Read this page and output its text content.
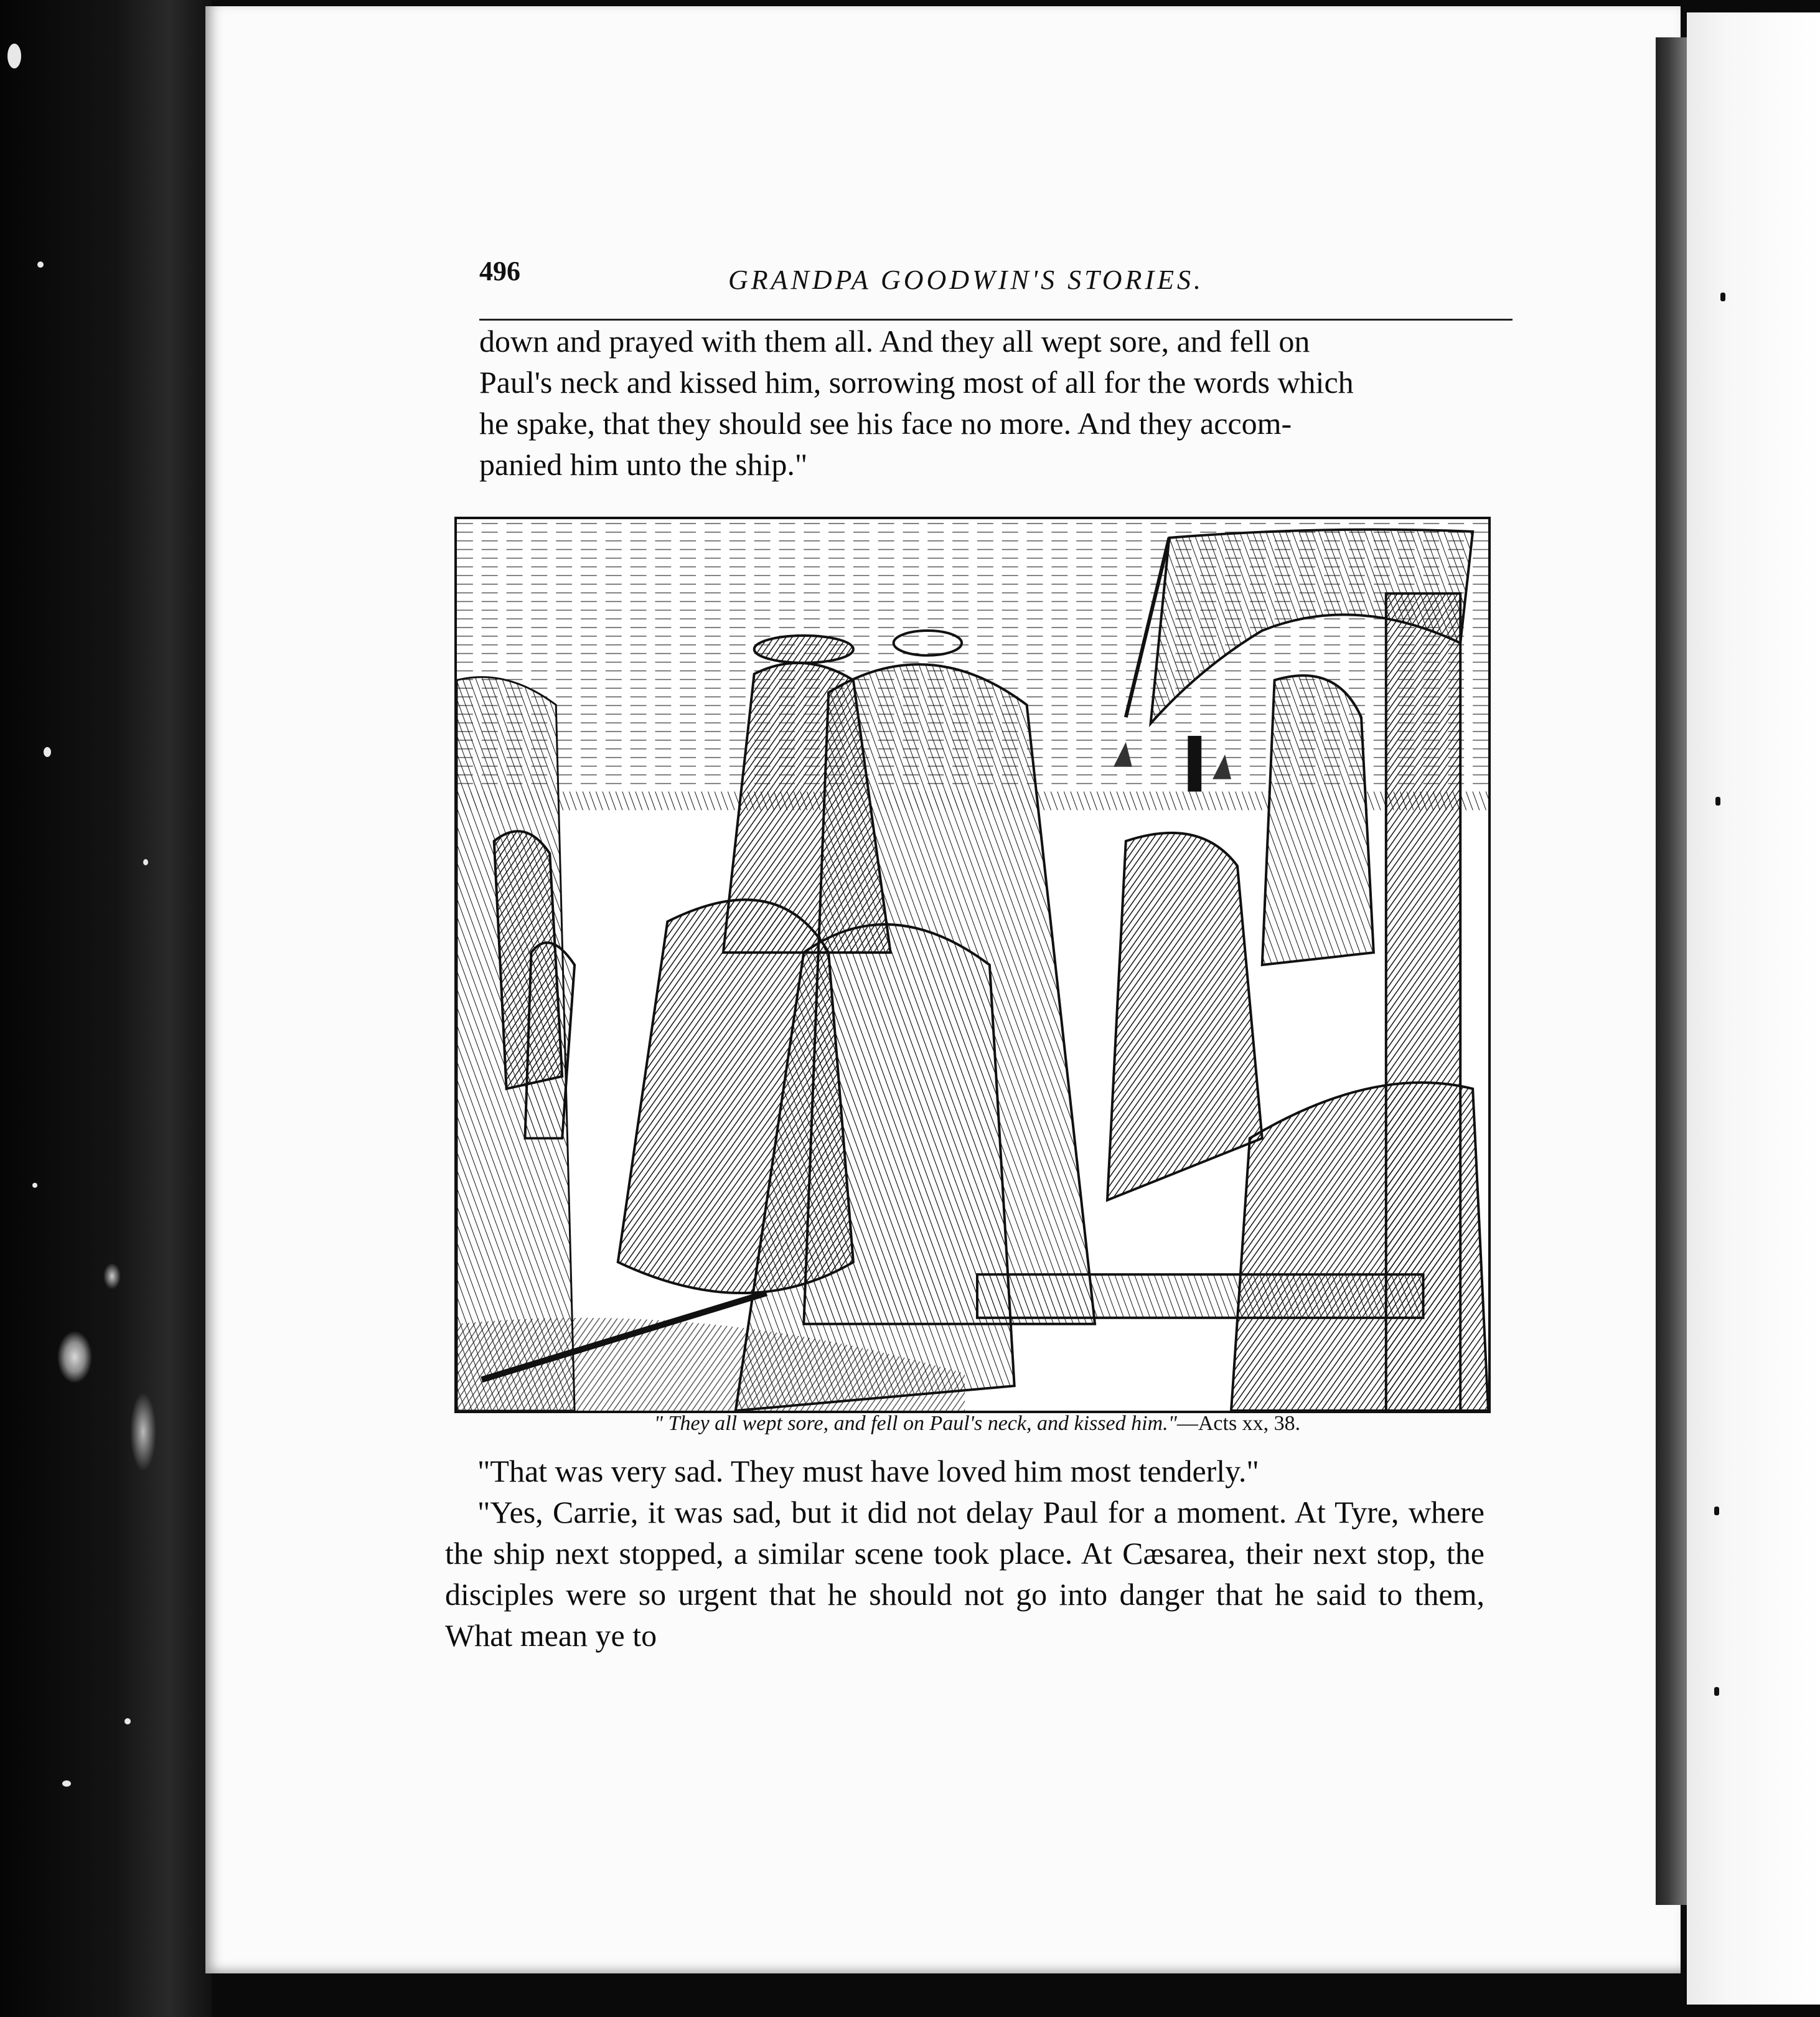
496	GRANDPA GOODWIN'S STORIES.

down and prayed with them all. And they all wept sore, and fell on

Paul's neck and kissed him, sorrowing most of all for the words which

he spake, that they should see his face no more. And they accom-

panied him unto the ship."

" They all wept sore, and fell on Paul's neck, and kissed him."—Acts xx, 38.

"That was very sad. They must have loved him most tenderly."

"Yes, Carrie, it was sad, but it did not delay Paul for a moment. At Tyre, where the ship next stopped, a similar scene took place. At Cæsarea, their next stop, the disciples were so urgent that he should not go into danger that he said to them, What mean ye to
